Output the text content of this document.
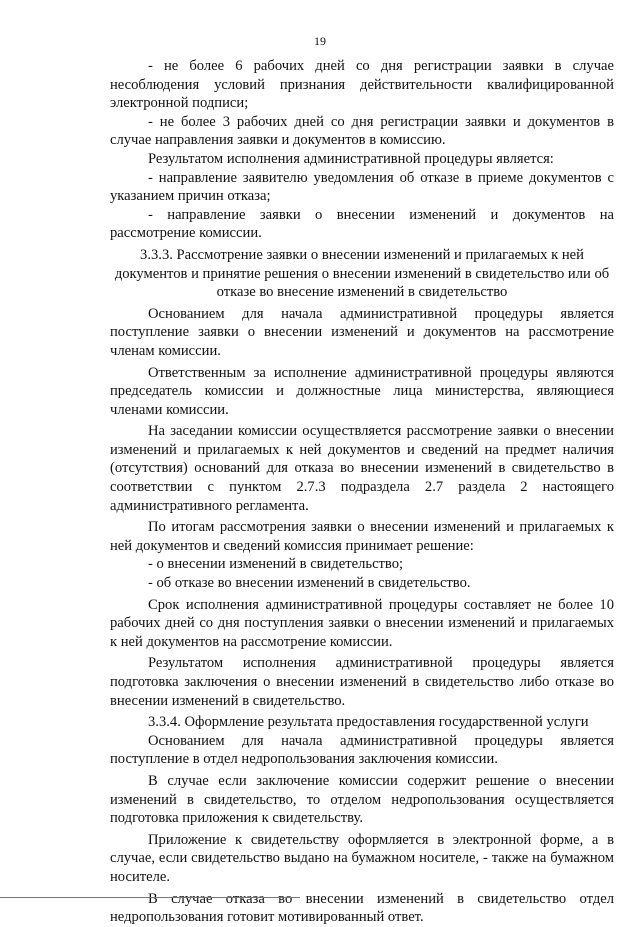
19

- не более 6 рабочих дней со дня регистрации заявки в случае несоблюдения условий признания действительности квалифицированной электронной подписи;

- не более 3 рабочих дней со дня регистрации заявки и документов в случае направления заявки и документов в комиссию.

Результатом исполнения административной процедуры является:

- направление заявителю уведомления об отказе в приеме документов с указанием причин отказа;

- направление заявки о внесении изменений и документов на рассмотрение комиссии.

3.3.3. Рассмотрение заявки о внесении изменений и прилагаемых к ней документов и принятие решения о внесении изменений в свидетельство или об отказе во внесение изменений в свидетельство

Основанием для начала административной процедуры является поступление заявки о внесении изменений и документов на рассмотрение членам комиссии.

Ответственным за исполнение административной процедуры являются председатель комиссии и должностные лица министерства, являющиеся членами комиссии.

На заседании комиссии осуществляется рассмотрение заявки о внесении изменений и прилагаемых к ней документов и сведений на предмет наличия (отсутствия) оснований для отказа во внесении изменений в свидетельство в соответствии с пунктом 2.7.3 подраздела 2.7 раздела 2 настоящего административного регламента.

По итогам рассмотрения заявки о внесении изменений и прилагаемых к ней документов и сведений комиссия принимает решение:

- о внесении изменений в свидетельство;

- об отказе во внесении изменений в свидетельство.

Срок исполнения административной процедуры составляет не более 10 рабочих дней со дня поступления заявки о внесении изменений и прилагаемых к ней документов на рассмотрение комиссии.

Результатом исполнения административной процедуры является подготовка заключения о внесении изменений в свидетельство либо отказе во внесении изменений в свидетельство.

3.3.4. Оформление результата предоставления государственной услуги

Основанием для начала административной процедуры является поступление в отдел недропользования заключения комиссии.

В случае если заключение комиссии содержит решение о внесении изменений в свидетельство, то отделом недропользования осуществляется подготовка приложения к свидетельству.

Приложение к свидетельству оформляется в электронной форме, а в случае, если свидетельство выдано на бумажном носителе, - также на бумажном носителе.

В случае отказа во внесении изменений в свидетельство отдел недропользования готовит мотивированный ответ.
